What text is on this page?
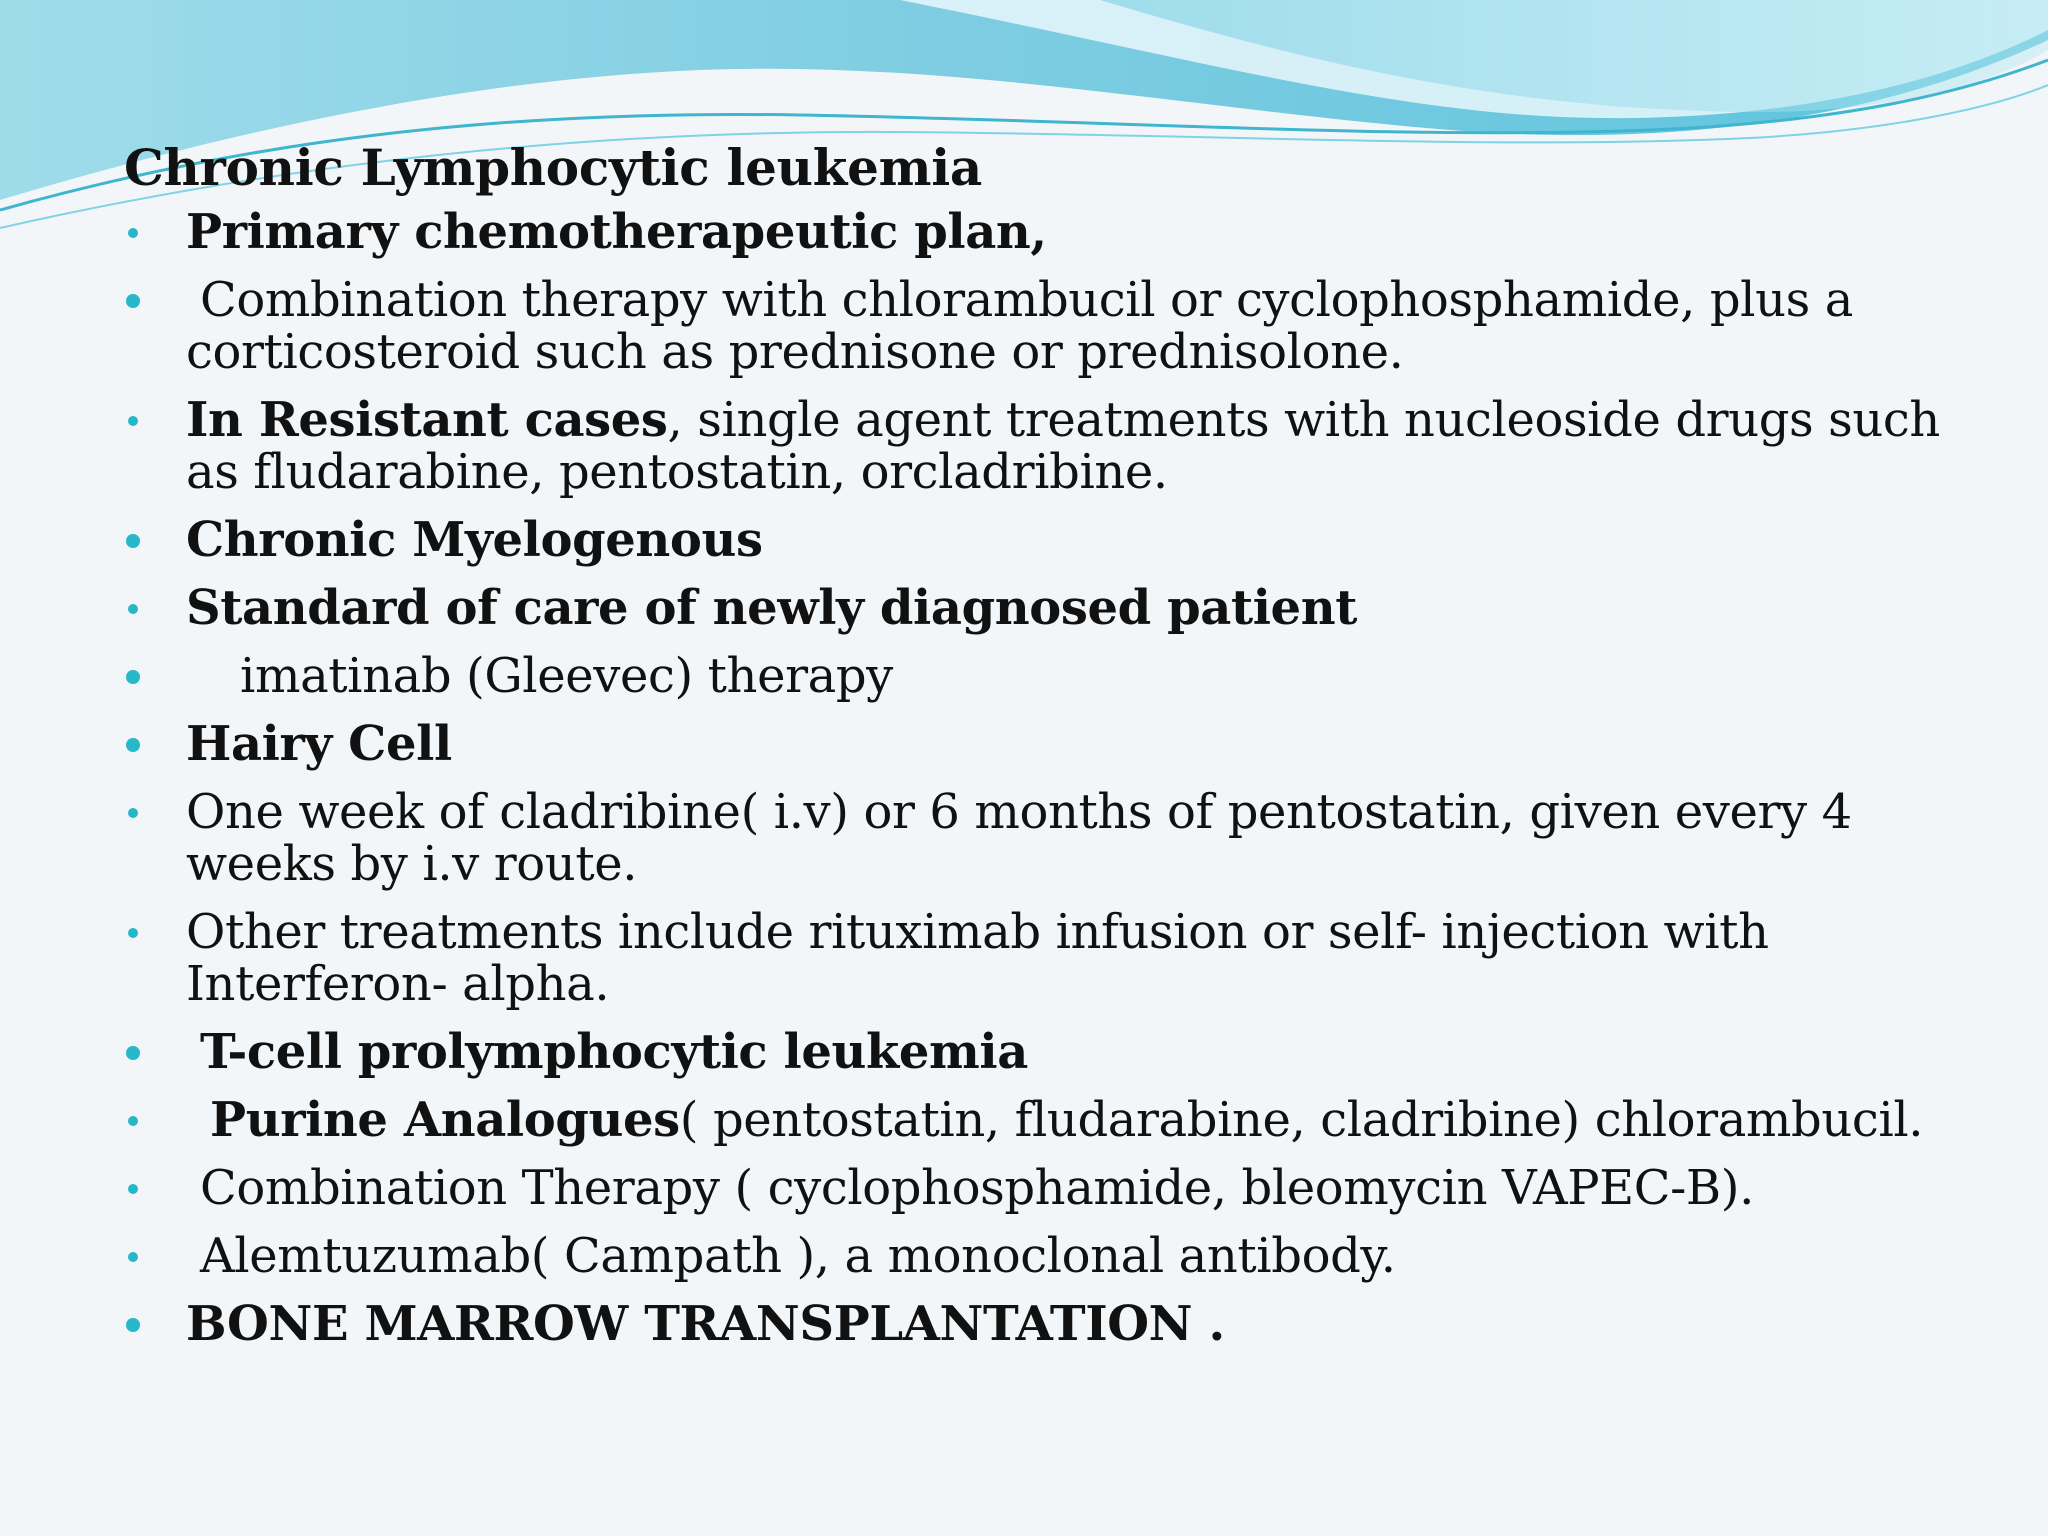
Chronic Lymphocytic leukemia
Primary chemotherapeutic plan,
Combination therapy with chlorambucil or cyclophosphamide, plus a corticosteroid such as prednisone or prednisolone.
In Resistant cases, single agent treatments with nucleoside drugs such as fludarabine, pentostatin, orcladribine.
Chronic Myelogenous
Standard of care of newly diagnosed patient
imatinab (Gleevec) therapy
Hairy Cell
One week of cladribine( i.v) or 6 months of pentostatin, given every 4 weeks by i.v route.
Other treatments include rituximab infusion or self- injection with Interferon- alpha.
T-cell prolymphocytic leukemia
Purine Analogues( pentostatin, fludarabine, cladribine) chlorambucil.
Combination Therapy ( cyclophosphamide, bleomycin VAPEC-B).
Alemtuzumab( Campath ), a monoclonal antibody.
BONE MARROW TRANSPLANTATION .
